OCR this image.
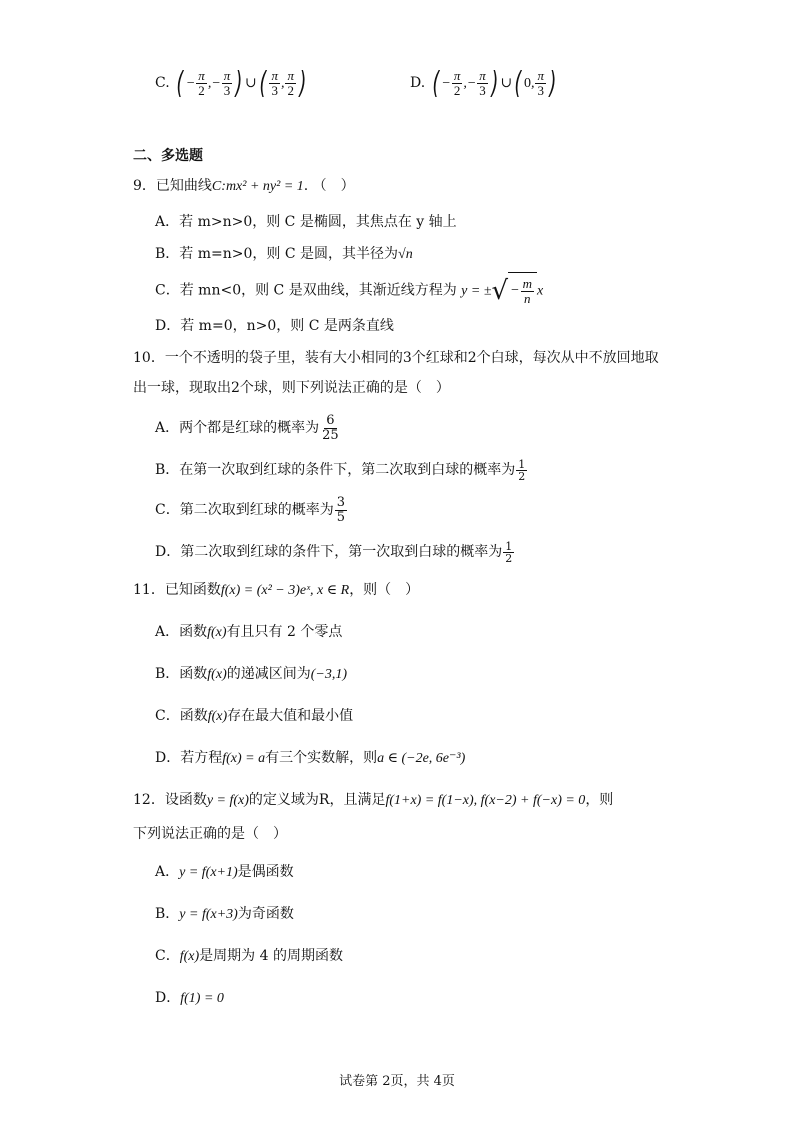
C. ( − $\frac{\pi}{2}$ ,− $\frac{\pi}{3}$ ) ∪( $\frac{\pi}{3}$ , $\frac{\pi}{2}$ )	D. ( − $\frac{\pi}{2}$ ,− $\frac{\pi}{3}$ ) ∪( 0, $\frac{\pi}{3}$ )
二、多选题
9．已知曲线C:mx² + ny² = 1. （　）
A．若 m>n>0，则 C 是椭圆，其焦点在 y 轴上
B．若 m=n>0，则 C 是圆，其半径为√n
C．若 mn<0，则 C 是双曲线，其渐近线方程为 y = ± √ − $\frac{m}{n}$ x
D．若 m=0，n>0，则 C 是两条直线
10．一个不透明的袋子里，装有大小相同的3个红球和2个白球，每次从中不放回地取
出一球，现取出2个球，则下列说法正确的是（　）
A．两个都是红球的概率为 $\frac{6}{25}$
B．在第一次取到红球的条件下，第二次取到白球的概率为 $\frac{1}{2}$
C．第二次取到红球的概率为 $\frac{3}{5}$
D．第二次取到红球的条件下，第一次取到白球的概率为 $\frac{1}{2}$
11．已知函数f(x) = (x² − 3)eˣ, x ∈ R，则（　）
A．函数f(x)有且只有 2 个零点
B．函数f(x)的递减区间为(−3,1)
C．函数f(x)存在最大值和最小值
D．若方程f(x) = a有三个实数解，则a ∈ (−2e, 6e⁻³)
12．设函数y = f(x)的定义域为R，且满足f(1+x) = f(1−x), f(x−2) + f(−x) = 0，则
下列说法正确的是（　）
A．y = f(x+1)是偶函数
B．y = f(x+3)为奇函数
C．f(x)是周期为 4 的周期函数
D．f(1) = 0
试卷第 2页，共 4页
